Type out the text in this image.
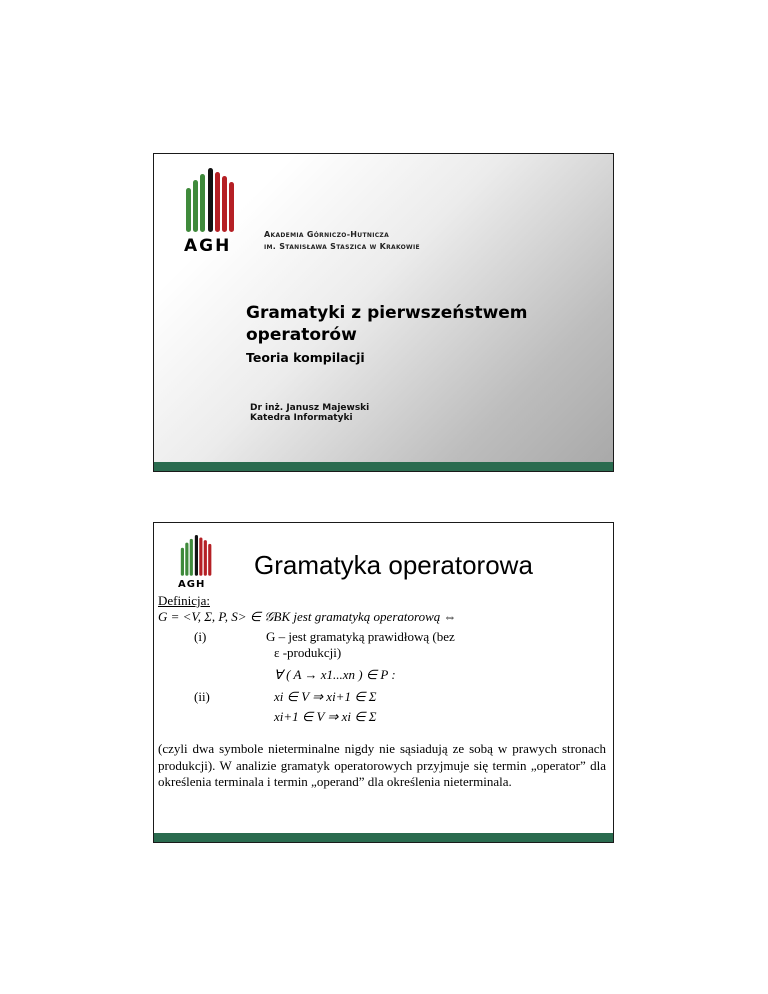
AGH
Akademia Górniczo-Hutnicza
im. Stanisława Staszica w Krakowie
Gramatyki z pierwszeństwem operatorów
Teoria kompilacji
Dr inż. Janusz Majewski
Katedra Informatyki
AGH
Gramatyka operatorowa
Definicja:
G = <V, Σ, P, S> ∈ 𝒢BK jest gramatyką operatorową ⇔
(i)	G – jest gramatyką prawidłową (bez
ε -produkcji)
∀ ( A → x1...xn ) ∈ P :
(ii)	xi ∈ V ⇒ xi+1 ∈ Σ
xi+1 ∈ V ⇒ xi ∈ Σ
(czyli dwa symbole nieterminalne nigdy nie sąsiadują ze sobą w prawych stronach produkcji). W analizie gramatyk operatorowych przyjmuje się termin „operator” dla określenia terminala i termin „operand” dla określenia nieterminala.
